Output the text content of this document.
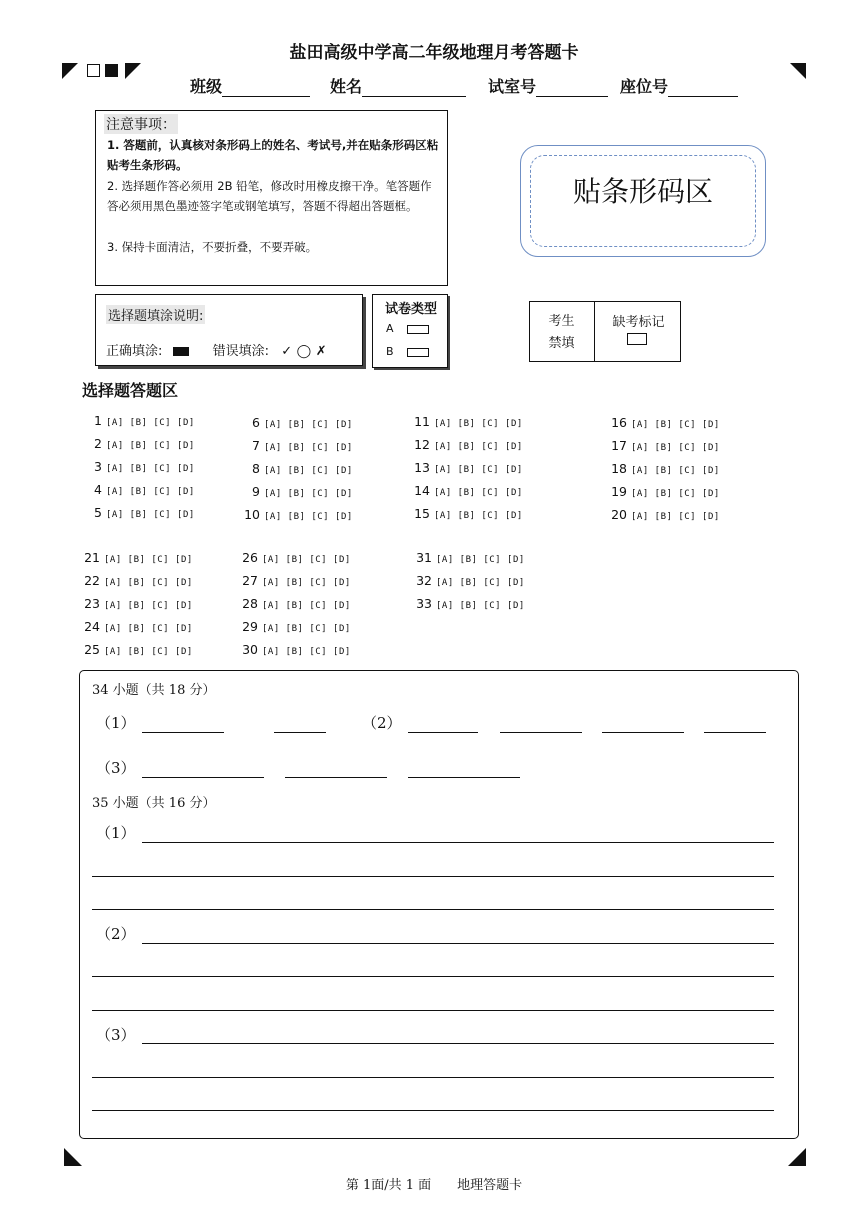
盐田高级中学高二年级地理月考答题卡
班级	姓名	试室号	座位号
注意事项：
1. 答题前，认真核对条形码上的姓名、考试号,并在贴条形码区粘贴考生条形码。
2. 选择题作答必须用 2B 铅笔，修改时用橡皮擦干净。笔答题作答必须用黑色墨迹签字笔或钢笔填写，答题不得超出答题框。
3. 保持卡面清洁，不要折叠，不要弄破。
贴条形码区
选择题填涂说明:
正确填涂:	错误填涂: ✓ ◯ ✗
试卷类型
A
B
考生
禁填
缺考标记
选择题答题区
1 [A] [B] [C] [D]
2 [A] [B] [C] [D]
3 [A] [B] [C] [D]
4 [A] [B] [C] [D]
5 [A] [B] [C] [D]
6 [A] [B] [C] [D]
7 [A] [B] [C] [D]
8 [A] [B] [C] [D]
9 [A] [B] [C] [D]
10 [A] [B] [C] [D]
11 [A] [B] [C] [D]
12 [A] [B] [C] [D]
13 [A] [B] [C] [D]
14 [A] [B] [C] [D]
15 [A] [B] [C] [D]
16 [A] [B] [C] [D]
17 [A] [B] [C] [D]
18 [A] [B] [C] [D]
19 [A] [B] [C] [D]
20 [A] [B] [C] [D]
21 [A] [B] [C] [D]
22 [A] [B] [C] [D]
23 [A] [B] [C] [D]
24 [A] [B] [C] [D]
25 [A] [B] [C] [D]
26 [A] [B] [C] [D]
27 [A] [B] [C] [D]
28 [A] [B] [C] [D]
29 [A] [B] [C] [D]
30 [A] [B] [C] [D]
31 [A] [B] [C] [D]
32 [A] [B] [C] [D]
33 [A] [B] [C] [D]
34 小题（共 18 分）
（1）	（2）
（3）
35 小题（共 16 分）
（1）
（2）
（3）
第 1面/共 1 面　　地理答题卡
